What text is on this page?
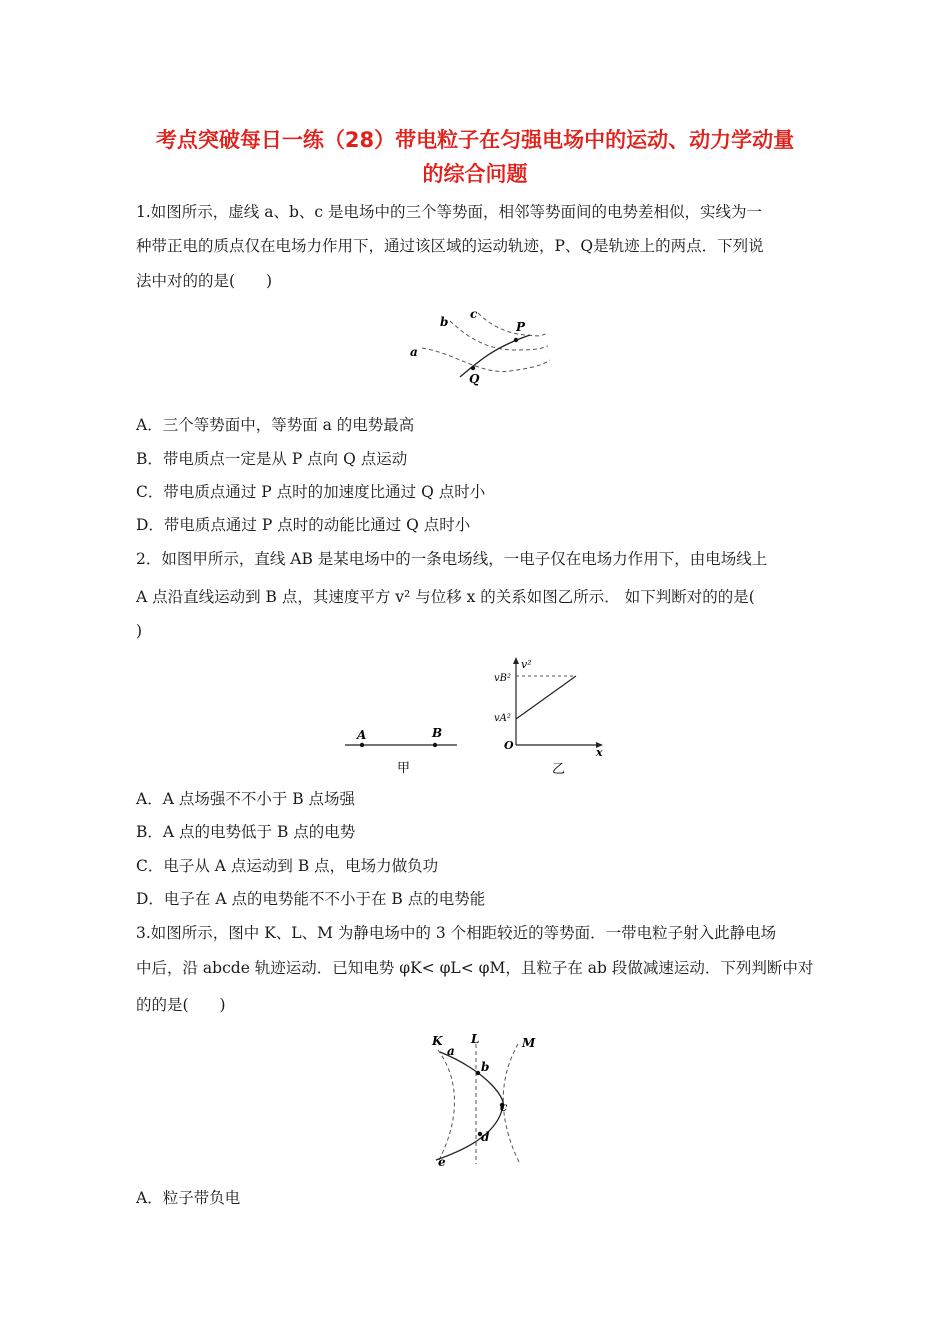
考点突破每日一练（28）带电粒子在匀强电场中的运动、动力学动量
的综合问题
1.如图所示，虚线 a、b、c 是电场中的三个等势面，相邻等势面间的电势差相似，实线为一
种带正电的质点仅在电场力作用下，通过该区域的运动轨迹，P、Q是轨迹上的两点．下列说
法中对的的是(　　)
a
b
c
P
Q
A．三个等势面中，等势面 a 的电势最高
B．带电质点一定是从 P 点向 Q 点运动
C．带电质点通过 P 点时的加速度比通过 Q 点时小
D．带电质点通过 P 点时的动能比通过 Q 点时小
2．如图甲所示，直线 AB 是某电场中的一条电场线，一电子仅在电场力作用下，由电场线上
A 点沿直线运动到 B 点，其速度平方 v² 与位移 x 的关系如图乙所示． 如下判断对的的是(
)
A	B
甲
v²
vB²
vA²
O
x
乙
A．A 点场强不不小于 B 点场强
B．A 点的电势低于 B 点的电势
C．电子从 A 点运动到 B 点，电场力做负功
D．电子在 A 点的电势能不不小于在 B 点的电势能
3.如图所示，图中 K、L、M 为静电场中的 3 个相距较近的等势面．一带电粒子射入此静电场
中后，沿 abcde 轨迹运动．已知电势 φK< φL< φM，且粒子在 ab 段做减速运动．下列判断中对
的的是(　　)
K
a
L
b
M
c
d
e
A．粒子带负电
